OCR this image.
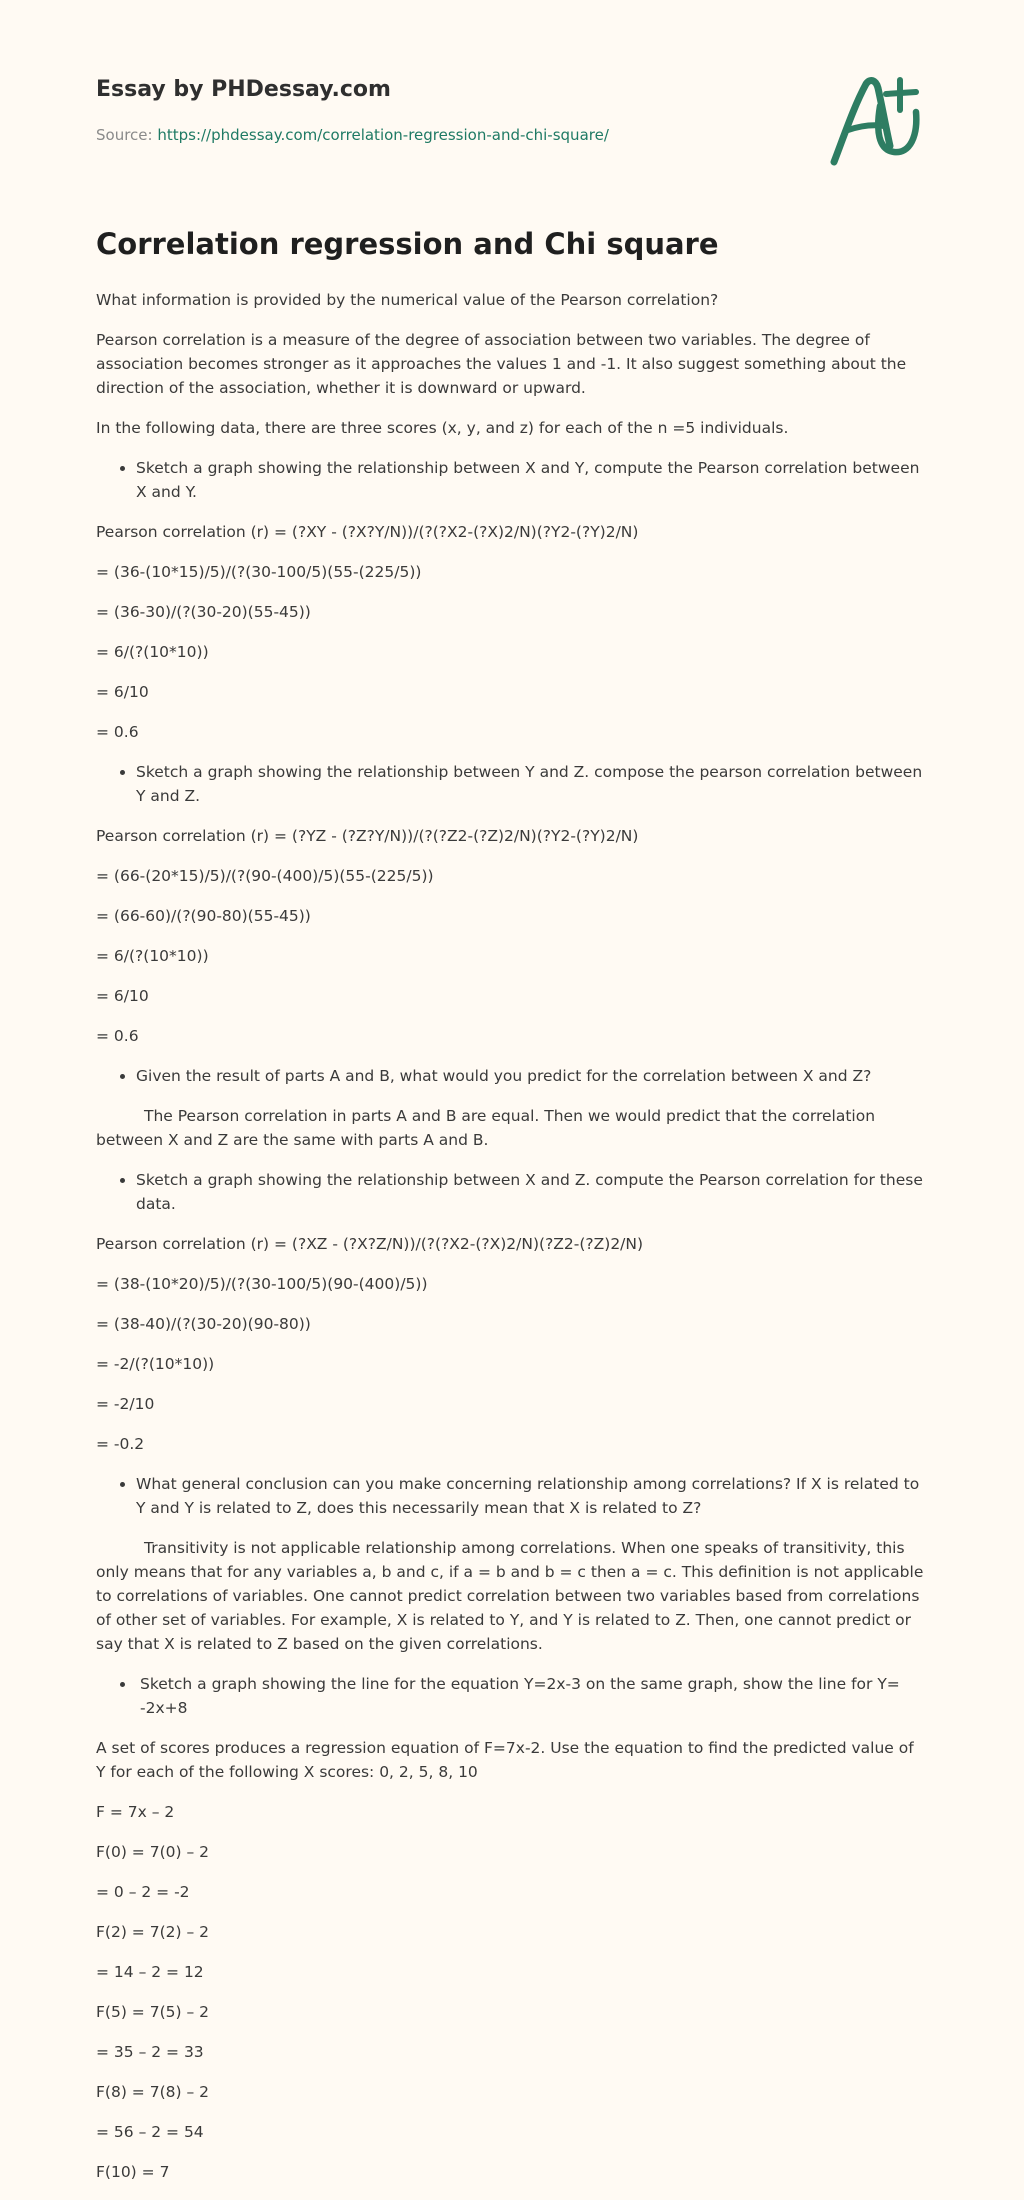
Essay by PHDessay.com
Source: https://phdessay.com/correlation-regression-and-chi-square/
Correlation regression and Chi square

What information is provided by the numerical value of the Pearson correlation?

Pearson correlation is a measure of the degree of association between two variables. The degree of association becomes stronger as it approaches the values 1 and -1. It also suggest something about the direction of the association, whether it is downward or upward.

In the following data, there are three scores (x, y, and z) for each of the n =5 individuals.

• Sketch a graph showing the relationship between X and Y, compute the Pearson correlation between X and Y.

Pearson correlation (r) = (?XY - (?X?Y/N))/(?(?X2-(?X)2/N)(?Y2-(?Y)2/N)

= (36-(10*15)/5)/(?(30-100/5)(55-(225/5))

= (36-30)/(?(30-20)(55-45))

= 6/(?(10*10))

= 6/10

= 0.6

• Sketch a graph showing the relationship between Y and Z. compose the pearson correlation between Y and Z.

Pearson correlation (r) = (?YZ - (?Z?Y/N))/(?(?Z2-(?Z)2/N)(?Y2-(?Y)2/N)

= (66-(20*15)/5)/(?(90-(400)/5)(55-(225/5))

= (66-60)/(?(90-80)(55-45))

= 6/(?(10*10))

= 6/10

= 0.6

• Given the result of parts A and B, what would you predict for the correlation between X and Z?

The Pearson correlation in parts A and B are equal. Then we would predict that the correlation between X and Z are the same with parts A and B.

• Sketch a graph showing the relationship between X and Z. compute the Pearson correlation for these data.

Pearson correlation (r) = (?XZ - (?X?Z/N))/(?(?X2-(?X)2/N)(?Z2-(?Z)2/N)

= (38-(10*20)/5)/(?(30-100/5)(90-(400)/5))

= (38-40)/(?(30-20)(90-80))

= -2/(?(10*10))

= -2/10

= -0.2

• What general conclusion can you make concerning relationship among correlations? If X is related to Y and Y is related to Z, does this necessarily mean that X is related to Z?

Transitivity is not applicable relationship among correlations. When one speaks of transitivity, this only means that for any variables a, b and c, if a = b and b = c then a = c. This definition is not applicable to correlations of variables. One cannot predict correlation between two variables based from correlations of other set of variables. For example, X is related to Y, and Y is related to Z. Then, one cannot predict or say that X is related to Z based on the given correlations.

• Sketch a graph showing the line for the equation Y=2x-3 on the same graph, show the line for Y= -2x+8

A set of scores produces a regression equation of F=7x-2. Use the equation to find the predicted value of Y for each of the following X scores: 0, 2, 5, 8, 10

F = 7x – 2

F(0) = 7(0) – 2

= 0 – 2 = -2

F(2) = 7(2) – 2

= 14 – 2 = 12

F(5) = 7(5) – 2

= 35 – 2 = 33

F(8) = 7(8) – 2

= 56 – 2 = 54

F(10) = 7
